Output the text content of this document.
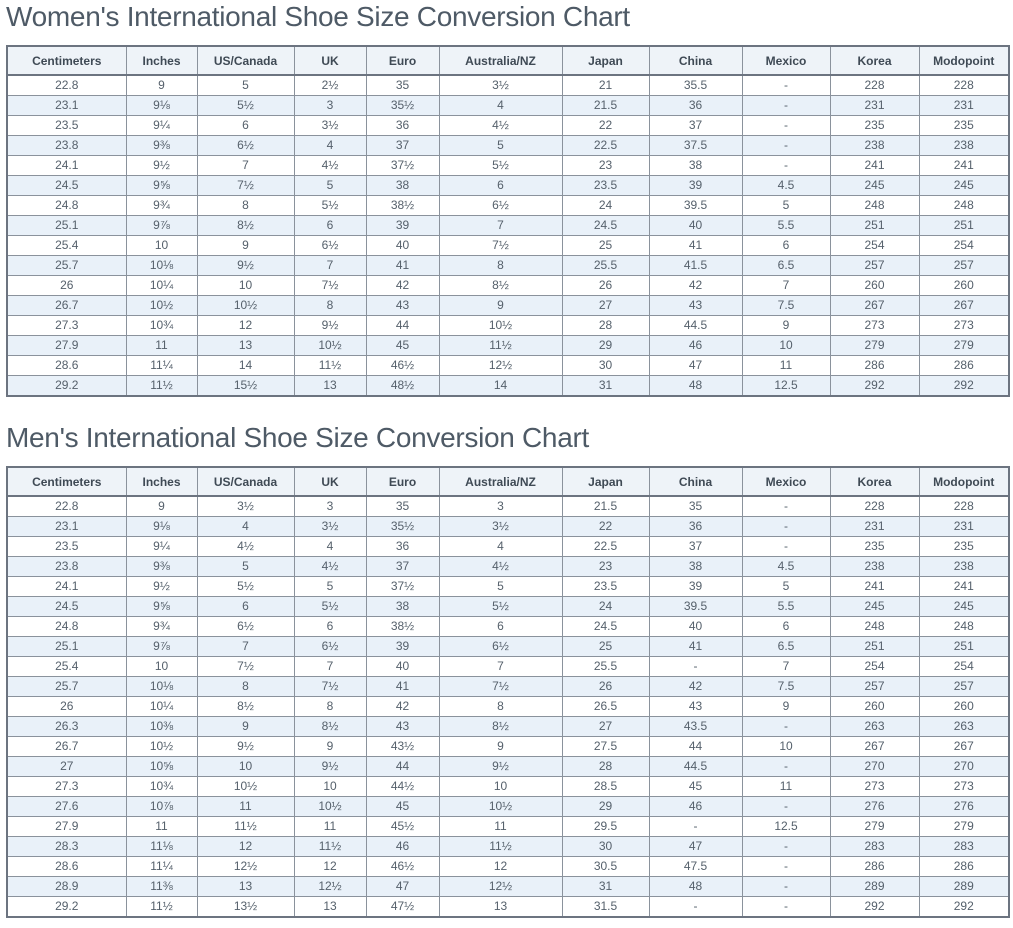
Women's International Shoe Size Conversion Chart
Centimeters	Inches	US/Canada	UK	Euro	Australia/NZ	Japan	China	Mexico	Korea	Modopoint
22.8	9	5	2½	35	3½	21	35.5	-	228	228
23.1	9⅛	5½	3	35½	4	21.5	36	-	231	231
23.5	9¼	6	3½	36	4½	22	37	-	235	235
23.8	9⅜	6½	4	37	5	22.5	37.5	-	238	238
24.1	9½	7	4½	37½	5½	23	38	-	241	241
24.5	9⅝	7½	5	38	6	23.5	39	4.5	245	245
24.8	9¾	8	5½	38½	6½	24	39.5	5	248	248
25.1	9⅞	8½	6	39	7	24.5	40	5.5	251	251
25.4	10	9	6½	40	7½	25	41	6	254	254
25.7	10⅛	9½	7	41	8	25.5	41.5	6.5	257	257
26	10¼	10	7½	42	8½	26	42	7	260	260
26.7	10½	10½	8	43	9	27	43	7.5	267	267
27.3	10¾	12	9½	44	10½	28	44.5	9	273	273
27.9	11	13	10½	45	11½	29	46	10	279	279
28.6	11¼	14	11½	46½	12½	30	47	11	286	286
29.2	11½	15½	13	48½	14	31	48	12.5	292	292
Men's International Shoe Size Conversion Chart
Centimeters	Inches	US/Canada	UK	Euro	Australia/NZ	Japan	China	Mexico	Korea	Modopoint
22.8	9	3½	3	35	3	21.5	35	-	228	228
23.1	9⅛	4	3½	35½	3½	22	36	-	231	231
23.5	9¼	4½	4	36	4	22.5	37	-	235	235
23.8	9⅜	5	4½	37	4½	23	38	4.5	238	238
24.1	9½	5½	5	37½	5	23.5	39	5	241	241
24.5	9⅝	6	5½	38	5½	24	39.5	5.5	245	245
24.8	9¾	6½	6	38½	6	24.5	40	6	248	248
25.1	9⅞	7	6½	39	6½	25	41	6.5	251	251
25.4	10	7½	7	40	7	25.5	-	7	254	254
25.7	10⅛	8	7½	41	7½	26	42	7.5	257	257
26	10¼	8½	8	42	8	26.5	43	9	260	260
26.3	10⅜	9	8½	43	8½	27	43.5	-	263	263
26.7	10½	9½	9	43½	9	27.5	44	10	267	267
27	10⅝	10	9½	44	9½	28	44.5	-	270	270
27.3	10¾	10½	10	44½	10	28.5	45	11	273	273
27.6	10⅞	11	10½	45	10½	29	46	-	276	276
27.9	11	11½	11	45½	11	29.5	-	12.5	279	279
28.3	11⅛	12	11½	46	11½	30	47	-	283	283
28.6	11¼	12½	12	46½	12	30.5	47.5	-	286	286
28.9	11⅜	13	12½	47	12½	31	48	-	289	289
29.2	11½	13½	13	47½	13	31.5	-	-	292	292
